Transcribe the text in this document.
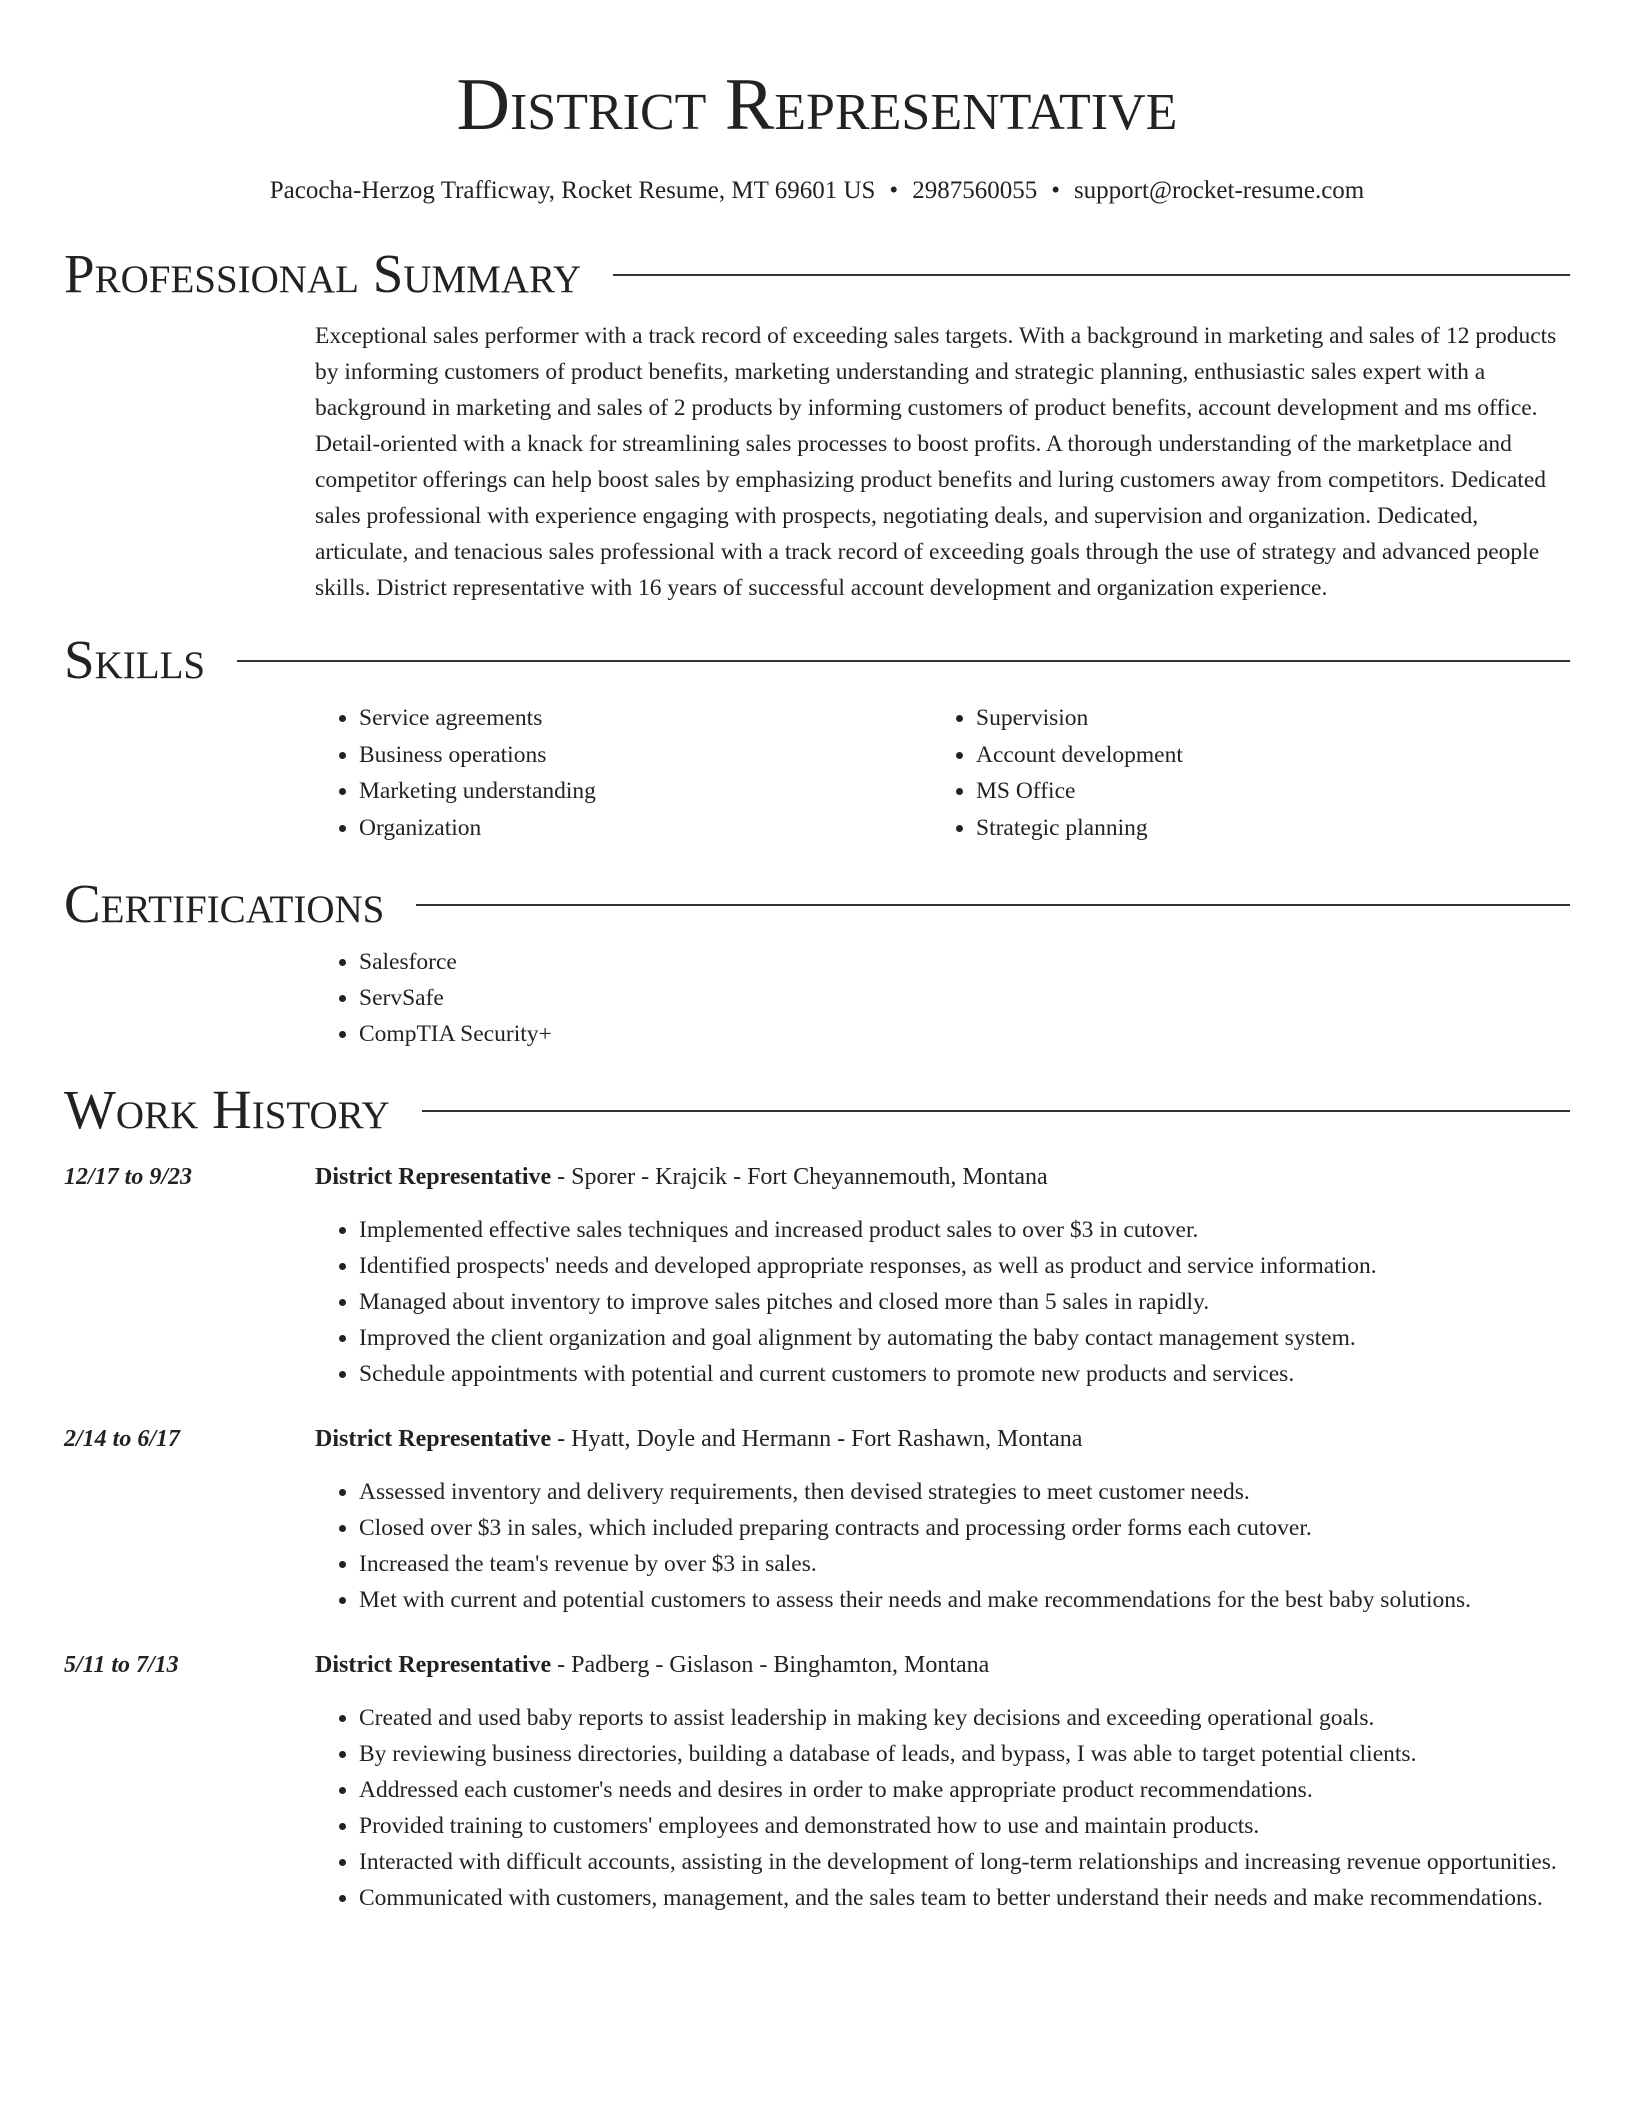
District Representative
Pacocha-Herzog Trafficway, Rocket Resume, MT 69601 US • 2987560055 • support@rocket-resume.com
Professional Summary

Exceptional sales performer with a track record of exceeding sales targets. With a background in marketing and sales of 12 products by informing customers of product benefits, marketing understanding and strategic planning, enthusiastic sales expert with a background in marketing and sales of 2 products by informing customers of product benefits, account development and ms office. Detail-oriented with a knack for streamlining sales processes to boost profits. A thorough understanding of the marketplace and competitor offerings can help boost sales by emphasizing product benefits and luring customers away from competitors. Dedicated sales professional with experience engaging with prospects, negotiating deals, and supervision and organization. Dedicated, articulate, and tenacious sales professional with a track record of exceeding goals through the use of strategy and advanced people skills. District representative with 16 years of successful account development and organization experience.

Skills
• Service agreements
• Business operations
• Marketing understanding
• Organization
• Supervision
• Account development
• MS Office
• Strategic planning
Certifications
• Salesforce
• ServSafe
• CompTIA Security+
Work History
12/17 to 9/23	District Representative - Sporer - Krajcik - Fort Cheyannemouth, Montana
• Implemented effective sales techniques and increased product sales to over $3 in cutover.
• Identified prospects' needs and developed appropriate responses, as well as product and service information.
• Managed about inventory to improve sales pitches and closed more than 5 sales in rapidly.
• Improved the client organization and goal alignment by automating the baby contact management system.
• Schedule appointments with potential and current customers to promote new products and services.
2/14 to 6/17	District Representative - Hyatt, Doyle and Hermann - Fort Rashawn, Montana
• Assessed inventory and delivery requirements, then devised strategies to meet customer needs.
• Closed over $3 in sales, which included preparing contracts and processing order forms each cutover.
• Increased the team's revenue by over $3 in sales.
• Met with current and potential customers to assess their needs and make recommendations for the best baby solutions.
5/11 to 7/13	District Representative - Padberg - Gislason - Binghamton, Montana
• Created and used baby reports to assist leadership in making key decisions and exceeding operational goals.
• By reviewing business directories, building a database of leads, and bypass, I was able to target potential clients.
• Addressed each customer's needs and desires in order to make appropriate product recommendations.
• Provided training to customers' employees and demonstrated how to use and maintain products.
• Interacted with difficult accounts, assisting in the development of long-term relationships and increasing revenue opportunities.
• Communicated with customers, management, and the sales team to better understand their needs and make recommendations.
